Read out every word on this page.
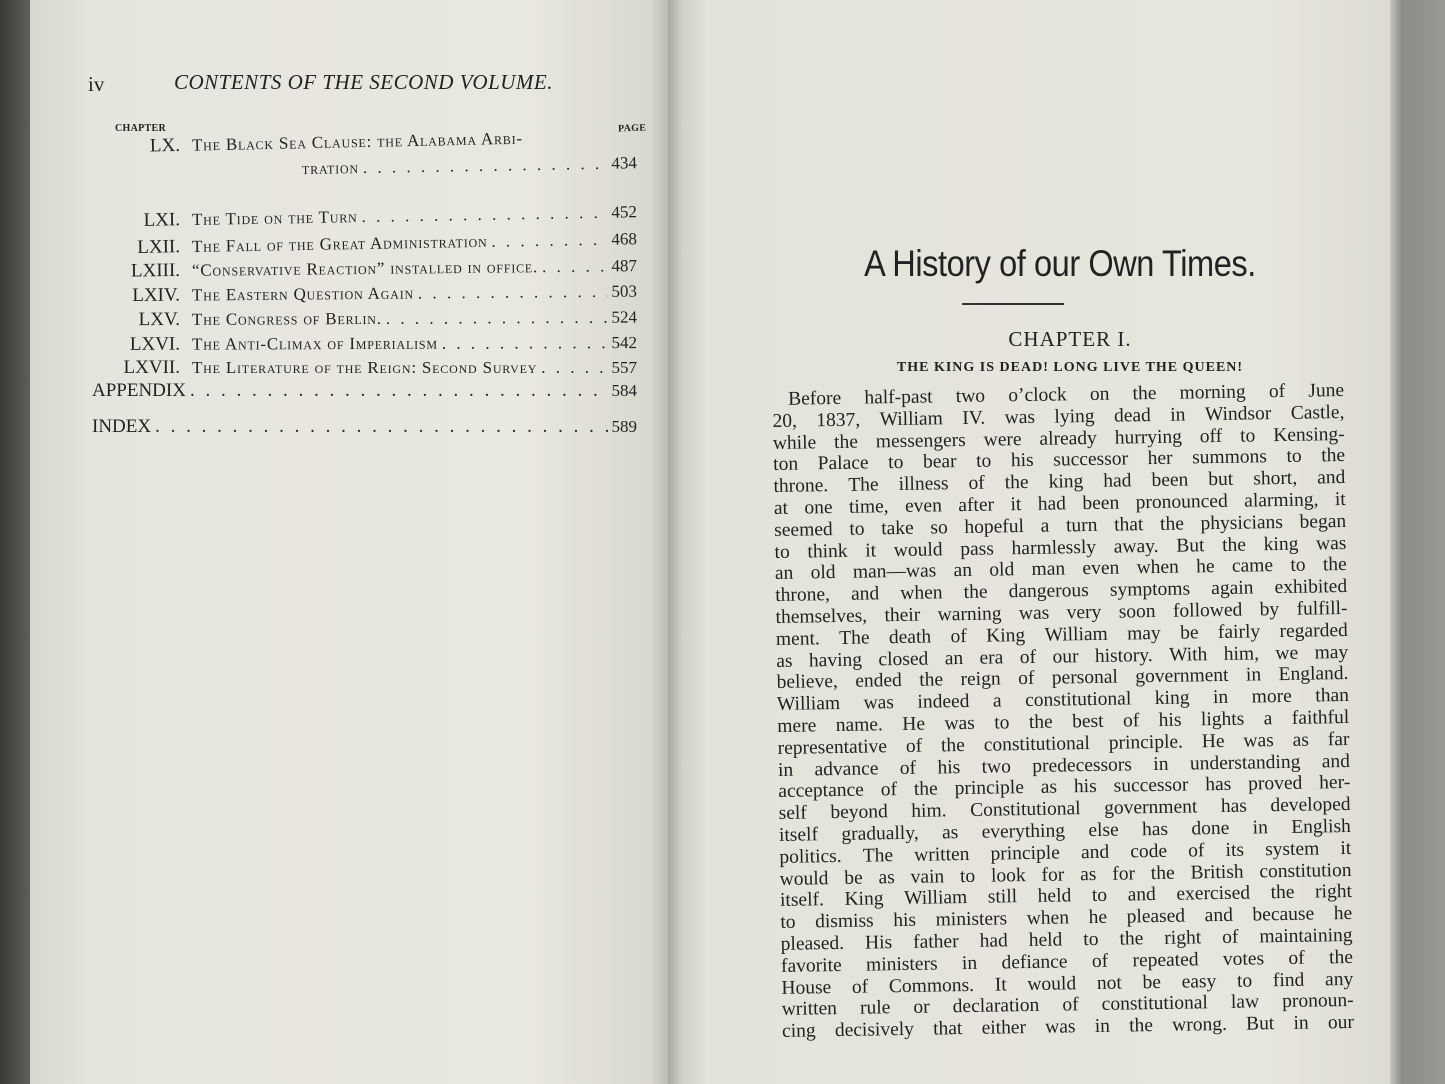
iv	CONTENTS OF THE SECOND VOLUME.
CHAPTER	PAGE
LX. The Black Sea Clause: the Alabama Arbi-
tration . . .	434
LXI. The Tide on the Turn . . .	452
LXII. The Fall of the Great Administration . . .	468
LXIII. “Conservative Reaction” installed in office. . . .	487
LXIV. The Eastern Question Again . . .	503
LXV. The Congress of Berlin. . . .	524
LXVI. The Anti-Climax of Imperialism . . .	542
LXVII. The Literature of the Reign: Second Survey . . .	557
APPENDIX . . .	584
INDEX . . .	589
A History of our Own Times.
CHAPTER I.
THE KING IS DEAD! LONG LIVE THE QUEEN!
Before half-past two o’clock on the morning of June
20, 1837, William IV. was lying dead in Windsor Castle,
while the messengers were already hurrying off to Kensing-
ton Palace to bear to his successor her summons to the
throne. The illness of the king had been but short, and
at one time, even after it had been pronounced alarming, it
seemed to take so hopeful a turn that the physicians began
to think it would pass harmlessly away. But the king was
an old man—was an old man even when he came to the
throne, and when the dangerous symptoms again exhibited
themselves, their warning was very soon followed by fulfill-
ment. The death of King William may be fairly regarded
as having closed an era of our history. With him, we may
believe, ended the reign of personal government in England.
William was indeed a constitutional king in more than
mere name. He was to the best of his lights a faithful
representative of the constitutional principle. He was as far
in advance of his two predecessors in understanding and
acceptance of the principle as his successor has proved her-
self beyond him. Constitutional government has developed
itself gradually, as everything else has done in English
politics. The written principle and code of its system it
would be as vain to look for as for the British constitution
itself. King William still held to and exercised the right
to dismiss his ministers when he pleased and because he
pleased. His father had held to the right of maintaining
favorite ministers in defiance of repeated votes of the
House of Commons. It would not be easy to find any
written rule or declaration of constitutional law pronoun-
cing decisively that either was in the wrong. But in our
